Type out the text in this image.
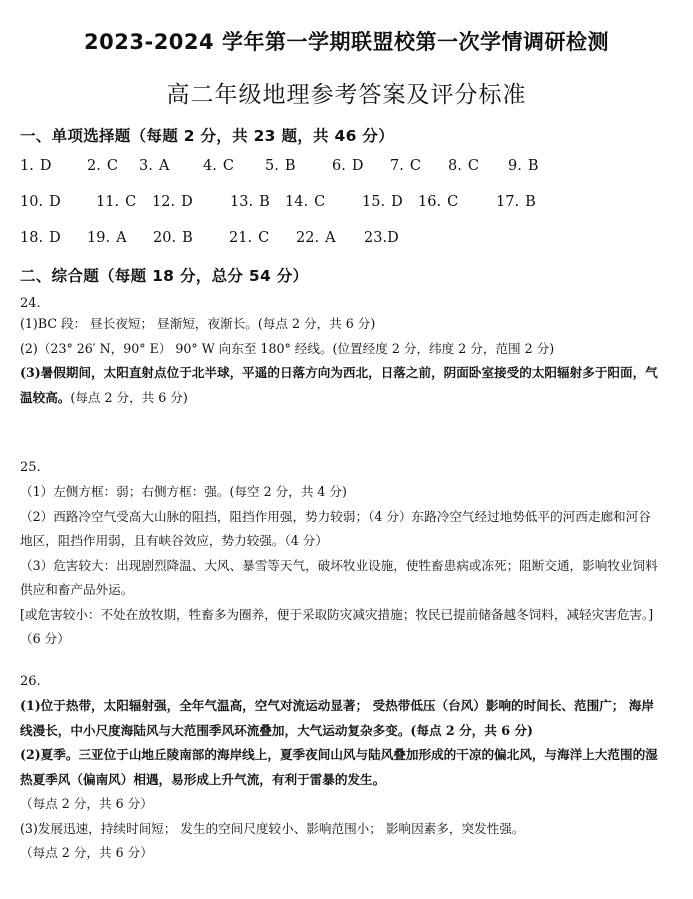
2023-2024 学年第一学期联盟校第一次学情调研检测
高二年级地理参考答案及评分标准
一、单项选择题（每题 2 分，共 23 题，共 46 分）
1. D 2. C 3. A 4. C 5. B	6. D 7. C 8. C 9. B
10. D 11. C 12. D	13. B 14. C	15. D 16. C	17. B
18. D 19. A 20. B	21. C 22. A 23.D
二、综合题（每题 18 分，总分 54 分）
24.
(1)BC 段： 昼长夜短； 昼渐短，夜渐长。(每点 2 分，共 6 分)
(2)（23° 26′ N，90° E） 90° W 向东至 180° 经线。(位置经度 2 分，纬度 2 分，范围 2 分)
(3)暑假期间，太阳直射点位于北半球，平遥的日落方向为西北，日落之前，阴面卧室接受的太阳辐射多于阳面，气温较高。(每点 2 分，共 6 分)
25.
（1）左侧方框：弱；右侧方框：强。(每空 2 分，共 4 分)
（2）西路冷空气受高大山脉的阻挡，阻挡作用强，势力较弱；（4 分）东路冷空气经过地势低平的河西走廊和河谷地区，阻挡作用弱，且有峡谷效应，势力较强。（4 分）
（3）危害较大：出现剧烈降温、大风、暴雪等天气，破坏牧业设施，使牲畜患病或冻死；阻断交通，影响牧业饲料供应和畜产品外运。
[或危害较小：不处在放牧期，牲畜多为圈养，便于采取防灾减灾措施；牧民已提前储备越冬饲料，减轻灾害危害。]（6 分）
26.
(1)位于热带，太阳辐射强，全年气温高，空气对流运动显著； 受热带低压（台风）影响的时间长、范围广； 海岸线漫长，中小尺度海陆风与大范围季风环流叠加，大气运动复杂多变。(每点 2 分，共 6 分)
(2)夏季。三亚位于山地丘陵南部的海岸线上，夏季夜间山风与陆风叠加形成的干凉的偏北风，与海洋上大范围的湿热夏季风（偏南风）相遇，易形成上升气流，有利于雷暴的发生。
（每点 2 分，共 6 分）
(3)发展迅速，持续时间短； 发生的空间尺度较小、影响范围小； 影响因素多，突发性强。
（每点 2 分，共 6 分）
